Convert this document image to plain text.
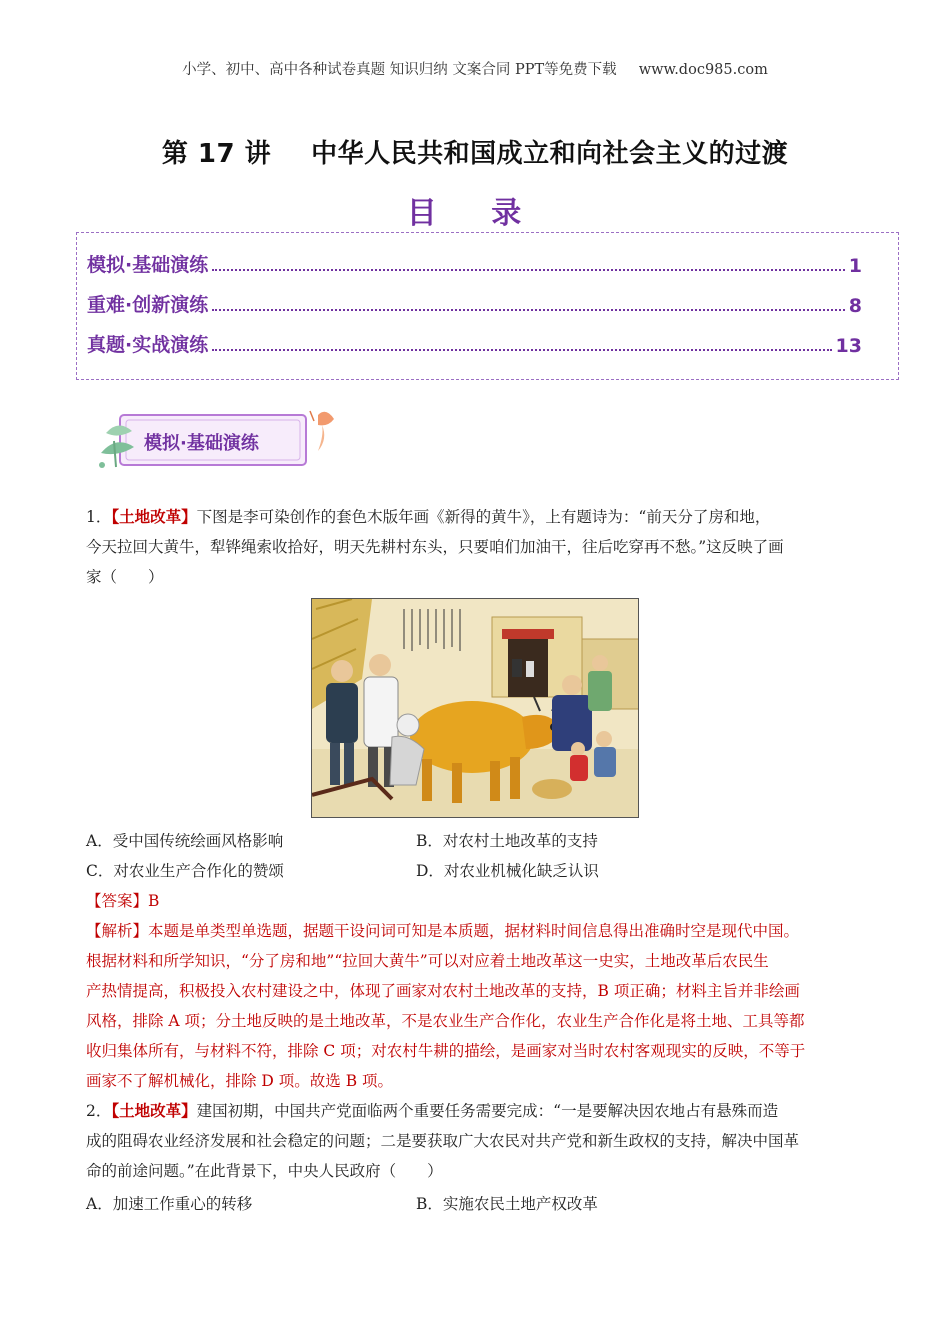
小学、初中、高中各种试卷真题 知识归纳 文案合同 PPT等免费下载 www.doc985.com
第 17 讲 中华人民共和国成立和向社会主义的过渡
目 录
模拟·基础演练	1
重难·创新演练	8
真题·实战演练	13
模拟·基础演练
1．【土地改革】下图是李可染创作的套色木版年画《新得的黄牛》，上有题诗为：“前天分了房和地，
今天拉回大黄牛，犁铧绳索收拾好，明天先耕村东头，只要咱们加油干，往后吃穿再不愁。”这反映了画
家（　　）
A．受中国传统绘画风格影响	B．对农村土地改革的支持
C．对农业生产合作化的赞颂	D．对农业机械化缺乏认识
【答案】B
【解析】本题是单类型单选题，据题干设问词可知是本质题，据材料时间信息得出准确时空是现代中国。
根据材料和所学知识，“分了房和地”“拉回大黄牛”可以对应着土地改革这一史实，土地改革后农民生
产热情提高，积极投入农村建设之中，体现了画家对农村土地改革的支持，B 项正确；材料主旨并非绘画
风格，排除 A 项；分土地反映的是土地改革，不是农业生产合作化，农业生产合作化是将土地、工具等都
收归集体所有，与材料不符，排除 C 项；对农村牛耕的描绘，是画家对当时农村客观现实的反映，不等于
画家不了解机械化，排除 D 项。故选 B 项。
2．【土地改革】建国初期，中国共产党面临两个重要任务需要完成：“一是要解决因农地占有悬殊而造
成的阻碍农业经济发展和社会稳定的问题；二是要获取广大农民对共产党和新生政权的支持，解决中国革
命的前途问题。”在此背景下，中央人民政府（　　）
A．加速工作重心的转移	B．实施农民土地产权改革
